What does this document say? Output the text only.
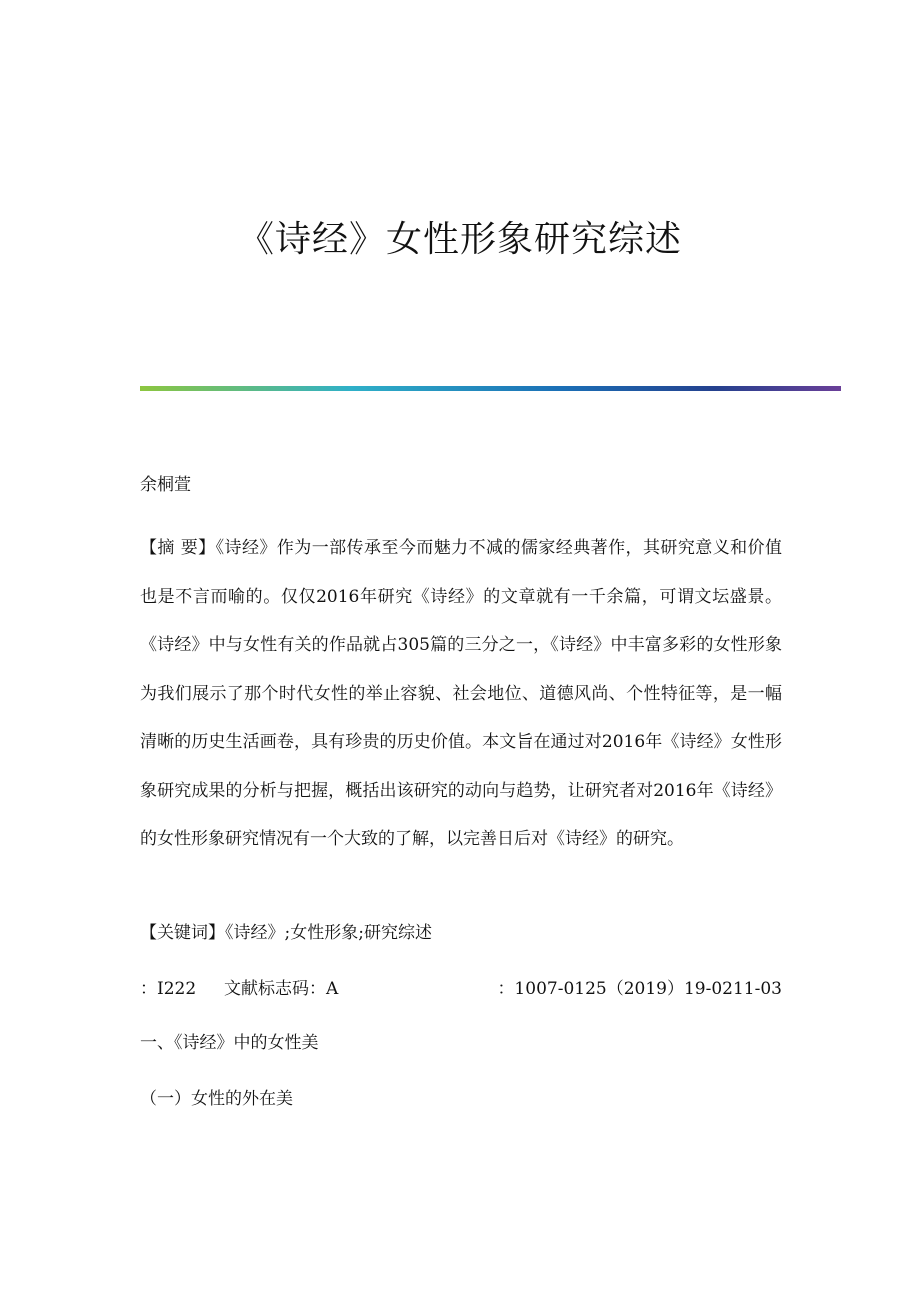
《诗经》女性形象研究综述
余桐萱

【摘 要】《诗经》作为一部传承至今而魅力不减的儒家经典著作，其研究意义和价值也是不言而喻的。仅仅2016年研究《诗经》的文章就有一千余篇，可谓文坛盛景。《诗经》中与女性有关的作品就占305篇的三分之一，《诗经》中丰富多彩的女性形象为我们展示了那个时代女性的举止容貌、社会地位、道德风尚、个性特征等，是一幅清晰的历史生活画卷，具有珍贵的历史价值。本文旨在通过对2016年《诗经》女性形象研究成果的分析与把握，概括出该研究的动向与趋势，让研究者对2016年《诗经》的女性形象研究情况有一个大致的了解，以完善日后对《诗经》的研究。

【关键词】《诗经》;女性形象;研究综述
：I222 文献标志码：A	：1007-0125（2019）19-0211-03
一、《诗经》中的女性美
（一）女性的外在美
